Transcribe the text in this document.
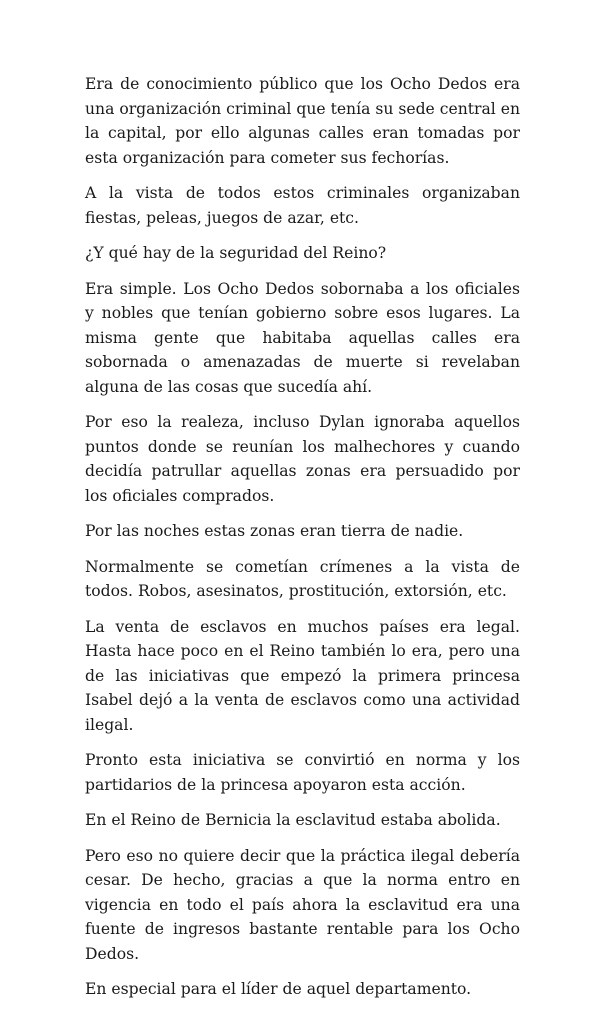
Era de conocimiento público que los Ocho Dedos era una organización criminal que tenía su sede central en la capital, por ello algunas calles eran tomadas por esta organización para cometer sus fechorías.

A la vista de todos estos criminales organizaban fiestas, peleas, juegos de azar, etc.

¿Y qué hay de la seguridad del Reino?

Era simple. Los Ocho Dedos sobornaba a los oficiales y nobles que tenían gobierno sobre esos lugares. La misma gente que habitaba aquellas calles era sobornada o amenazadas de muerte si revelaban alguna de las cosas que sucedía ahí.

Por eso la realeza, incluso Dylan ignoraba aquellos puntos donde se reunían los malhechores y cuando decidía patrullar aquellas zonas era persuadido por los oficiales comprados.

Por las noches estas zonas eran tierra de nadie.

Normalmente se cometían crímenes a la vista de todos. Robos, asesinatos, prostitución, extorsión, etc.

La venta de esclavos en muchos países era legal. Hasta hace poco en el Reino también lo era, pero una de las iniciativas que empezó la primera princesa Isabel dejó a la venta de esclavos como una actividad ilegal.

Pronto esta iniciativa se convirtió en norma y los partidarios de la princesa apoyaron esta acción.

En el Reino de Bernicia la esclavitud estaba abolida.

Pero eso no quiere decir que la práctica ilegal debería cesar. De hecho, gracias a que la norma entro en vigencia en todo el país ahora la esclavitud era una fuente de ingresos bastante rentable para los Ocho Dedos.

En especial para el líder de aquel departamento.
